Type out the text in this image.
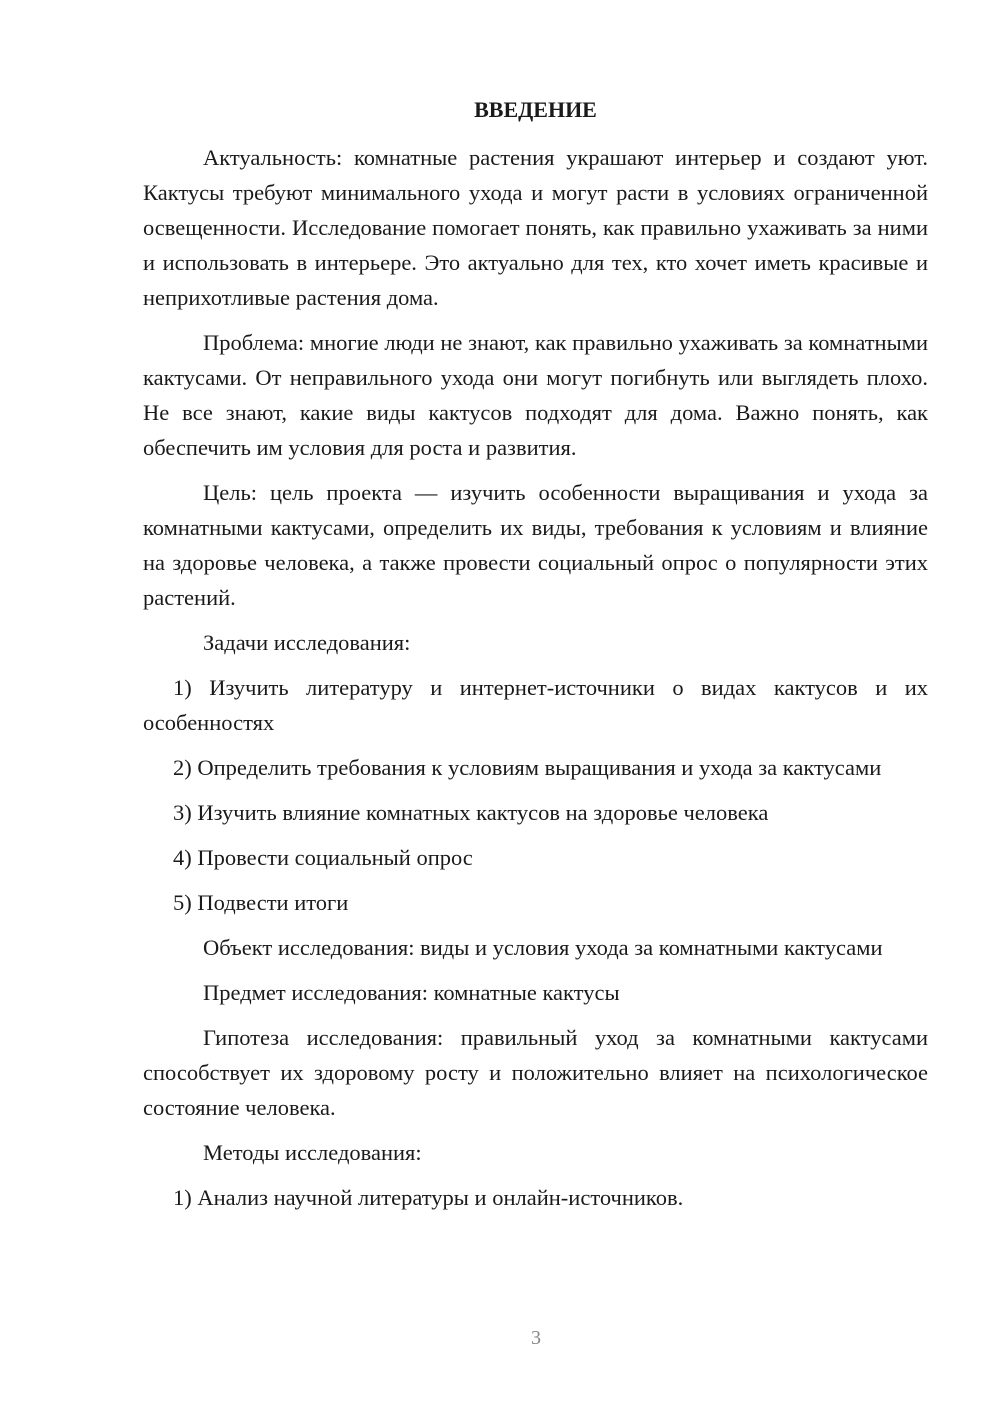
ВВЕДЕНИЕ

Актуальность: комнатные растения украшают интерьер и создают уют. Кактусы требуют минимального ухода и могут расти в условиях ограниченной освещенности. Исследование помогает понять, как правильно ухаживать за ними и использовать в интерьере. Это актуально для тех, кто хочет иметь красивые и неприхотливые растения дома.

Проблема: многие люди не знают, как правильно ухаживать за комнатными кактусами. От неправильного ухода они могут погибнуть или выглядеть плохо. Не все знают, какие виды кактусов подходят для дома. Важно понять, как обеспечить им условия для роста и развития.

Цель: цель проекта — изучить особенности выращивания и ухода за комнатными кактусами, определить их виды, требования к условиям и влияние на здоровье человека, а также провести социальный опрос о популярности этих растений.

Задачи исследования:

1) Изучить литературу и интернет-источники о видах кактусов и их особенностях

2) Определить требования к условиям выращивания и ухода за кактусами

3) Изучить влияние комнатных кактусов на здоровье человека

4) Провести социальный опрос

5) Подвести итоги

Объект исследования: виды и условия ухода за комнатными кактусами

Предмет исследования: комнатные кактусы

Гипотеза исследования: правильный уход за комнатными кактусами способствует их здоровому росту и положительно влияет на психологическое состояние человека.

Методы исследования:

1) Анализ научной литературы и онлайн-источников.

3
